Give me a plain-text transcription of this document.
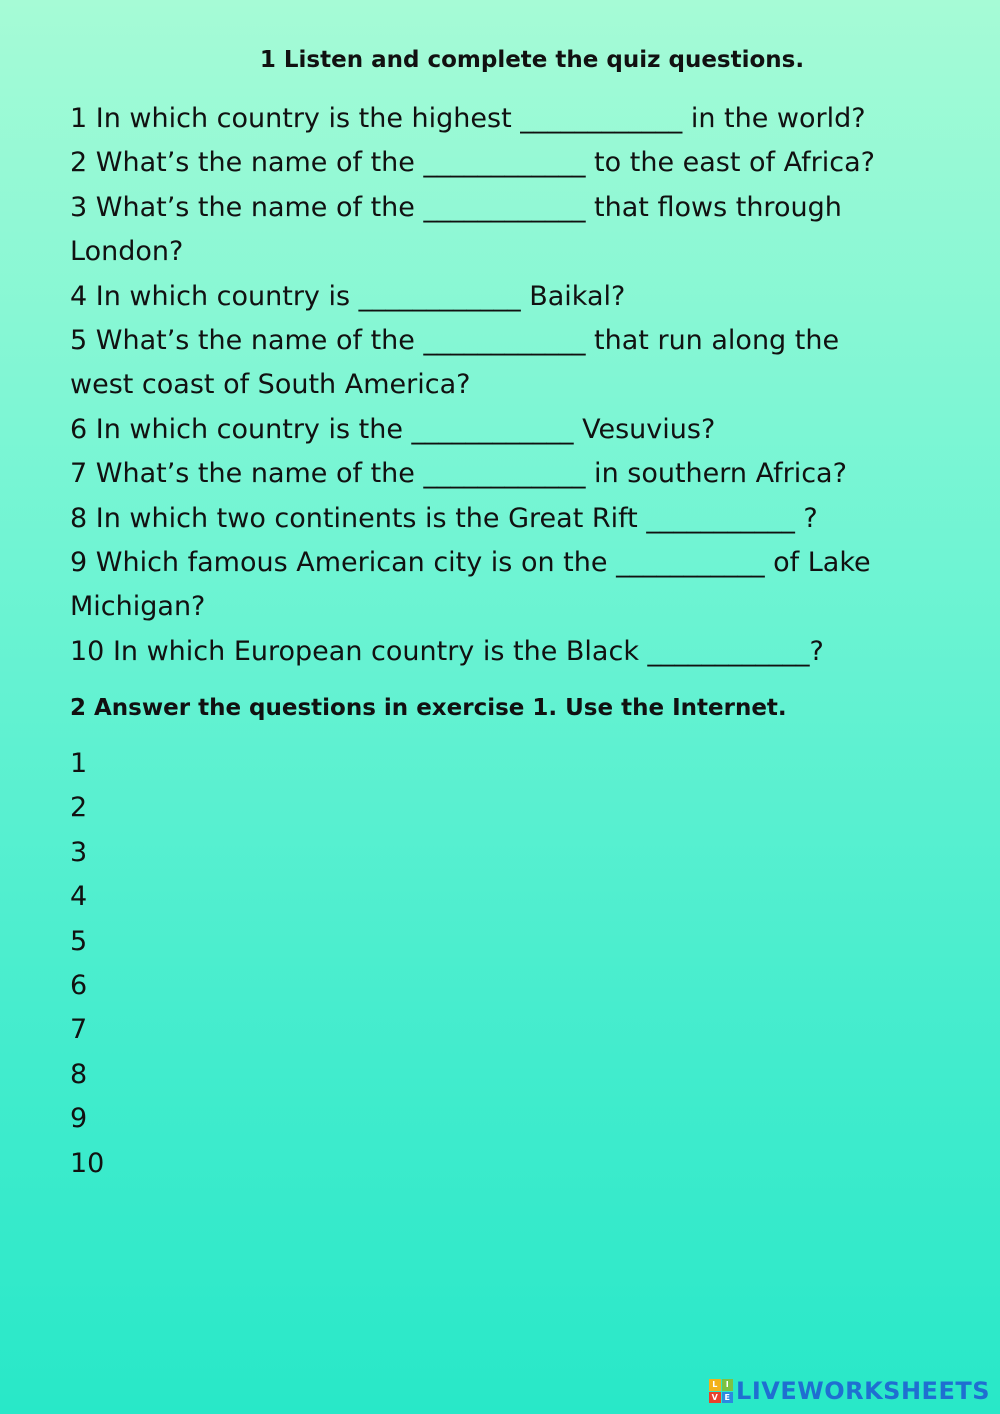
1 Listen and complete the quiz questions.
1 In which country is the highest ____________ in the world?
2 What’s the name of the ____________ to the east of Africa?
3 What’s the name of the ____________ that flows through
London?
4 In which country is ____________ Baikal?
5 What’s the name of the ____________ that run along the
west coast of South America?
6 In which country is the ____________ Vesuvius?
7 What’s the name of the ____________ in southern Africa?
8 In which two continents is the Great Rift ___________ ?
9 Which famous American city is on the ___________ of Lake
Michigan?
10 In which European country is the Black ____________?
2 Answer the questions in exercise 1. Use the Internet.
1
2
3
4
5
6
7
8
9
10
L	I
V E LIVEWORKSHEETS
